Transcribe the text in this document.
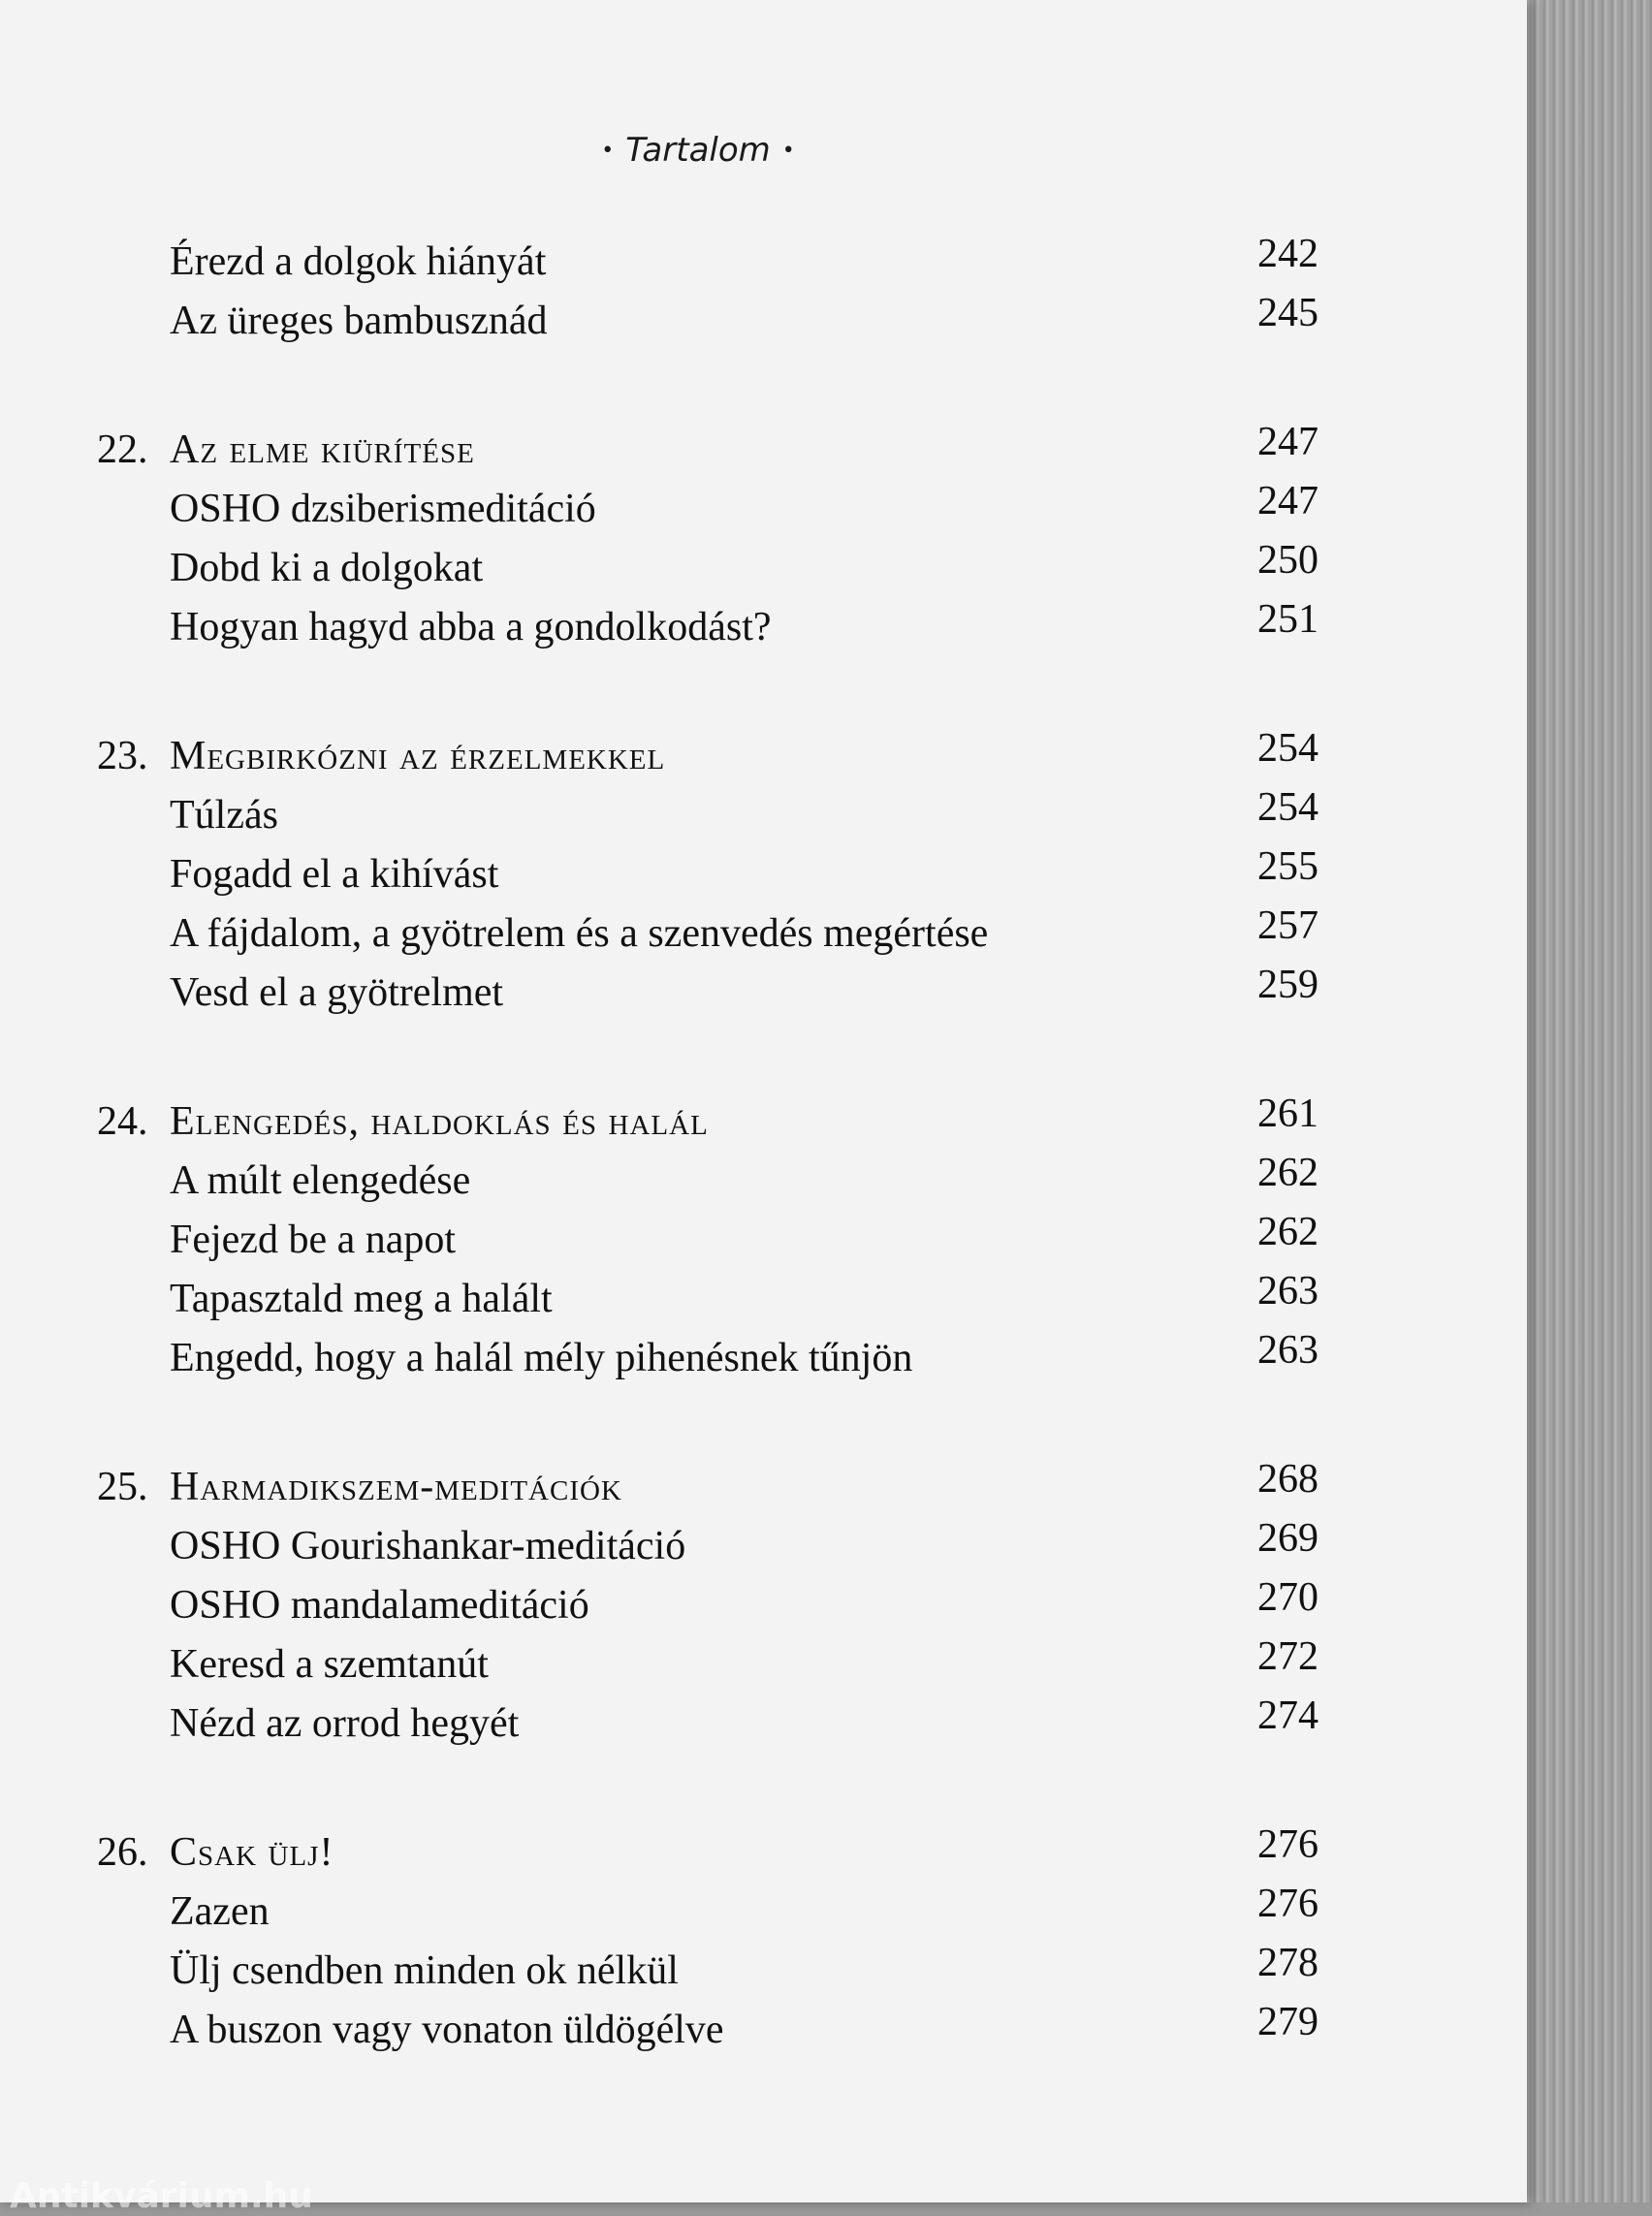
• Tartalom •
Érezd a dolgok hiányát	242
Az üreges bambusznád	245
22. Az elme kiürítése	247
OSHO dzsiberismeditáció	247
Dobd ki a dolgokat	250
Hogyan hagyd abba a gondolkodást?	251
23. Megbirkózni az érzelmekkel	254
Túlzás	254
Fogadd el a kihívást	255
A fájdalom, a gyötrelem és a szenvedés megértése	257
Vesd el a gyötrelmet	259
24. Elengedés, haldoklás és halál	261
A múlt elengedése	262
Fejezd be a napot	262
Tapasztald meg a halált	263
Engedd, hogy a halál mély pihenésnek tűnjön	263
25. Harmadikszem-meditációk	268
OSHO Gourishankar-meditáció	269
OSHO mandalameditáció	270
Keresd a szemtanút	272
Nézd az orrod hegyét	274
26. Csak ülj!	276
Zazen	276
Ülj csendben minden ok nélkül	278
A buszon vagy vonaton üldögélve	279
Antikvárium.hu
